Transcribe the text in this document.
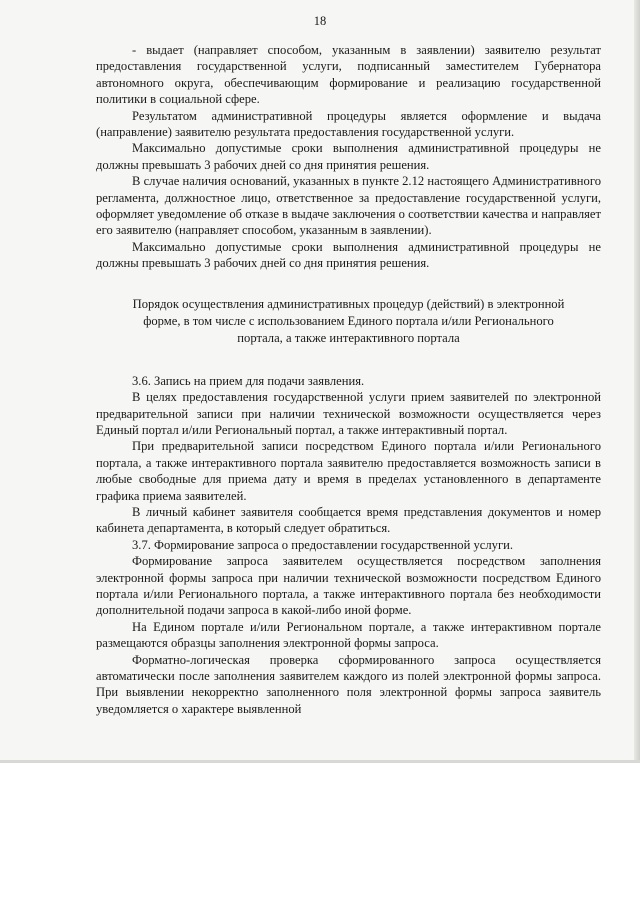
18

- выдает (направляет способом, указанным в заявлении) заявителю результат предоставления государственной услуги, подписанный заместителем Губернатора автономного округа, обеспечивающим формирование и реализацию государственной политики в социальной сфере.

Результатом административной процедуры является оформление и выдача (направление) заявителю результата предоставления государственной услуги.

Максимально допустимые сроки выполнения административной процедуры не должны превышать 3 рабочих дней со дня принятия решения.

В случае наличия оснований, указанных в пункте 2.12 настоящего Административного регламента, должностное лицо, ответственное за предоставление государственной услуги, оформляет уведомление об отказе в выдаче заключения о соответствии качества и направляет его заявителю (направляет способом, указанным в заявлении).

Максимально допустимые сроки выполнения административной процедуры не должны превышать 3 рабочих дней со дня принятия решения.

Порядок осуществления административных процедур (действий) в электронной форме, в том числе с использованием Единого портала и/или Регионального портала, а также интерактивного портала

3.6. Запись на прием для подачи заявления.

В целях предоставления государственной услуги прием заявителей по электронной предварительной записи при наличии технической возможности осуществляется через Единый портал и/или Региональный портал, а также интерактивный портал.

При предварительной записи посредством Единого портала и/или Регионального портала, а также интерактивного портала заявителю предоставляется возможность записи в любые свободные для приема дату и время в пределах установленного в департаменте графика приема заявителей.

В личный кабинет заявителя сообщается время представления документов и номер кабинета департамента, в который следует обратиться.

3.7. Формирование запроса о предоставлении государственной услуги.

Формирование запроса заявителем осуществляется посредством заполнения электронной формы запроса при наличии технической возможности посредством Единого портала и/или Регионального портала, а также интерактивного портала без необходимости дополнительной подачи запроса в какой-либо иной форме.

На Едином портале и/или Региональном портале, а также интерактивном портале размещаются образцы заполнения электронной формы запроса.

Форматно-логическая проверка сформированного запроса осуществляется автоматически после заполнения заявителем каждого из полей электронной формы запроса. При выявлении некорректно заполненного поля электронной формы запроса заявитель уведомляется о характере выявленной
